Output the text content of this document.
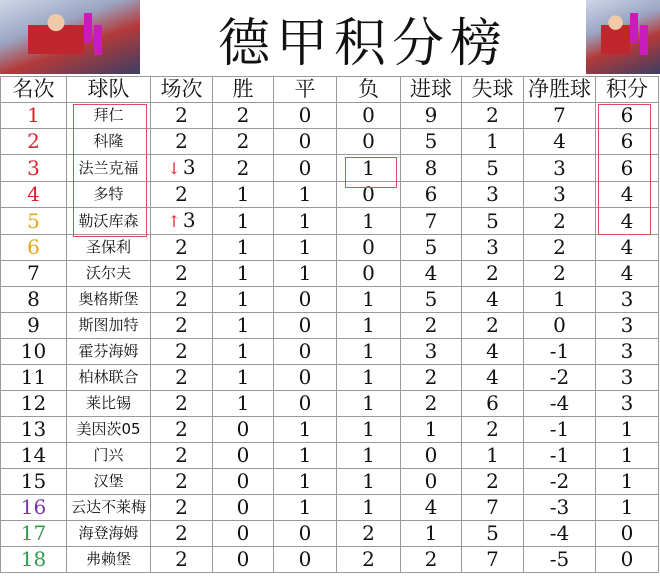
德甲积分榜
名次	球队	场次	胜	平	负	进球	失球	净胜球	积分
1	拜仁	2	2	0	0	9	2	7	6
2	科隆	2	2	0	0	5	1	4	6
3	法兰克福	↓ 3	2	0	1	8	5	3	6
4	多特	2	1	1	0	6	3	3	4
5	勒沃库森	↑ 3	1	1	1	7	5	2	4
6	圣保利	2	1	1	0	5	3	2	4
7	沃尔夫	2	1	1	0	4	2	2	4
8	奥格斯堡	2	1	0	1	5	4	1	3
9	斯图加特	2	1	0	1	2	2	0	3
10	霍芬海姆	2	1	0	1	3	4	-1	3
11	柏林联合	2	1	0	1	2	4	-2	3
12	莱比锡	2	1	0	1	2	6	-4	3
13	美因茨05	2	0	1	1	1	2	-1	1
14	门兴	2	0	1	1	0	1	-1	1
15	汉堡	2	0	1	1	0	2	-2	1
16	云达不莱梅	2	0	1	1	4	7	-3	1
17	海登海姆	2	0	0	2	1	5	-4	0
18	弗赖堡	2	0	0	2	2	7	-5	0
